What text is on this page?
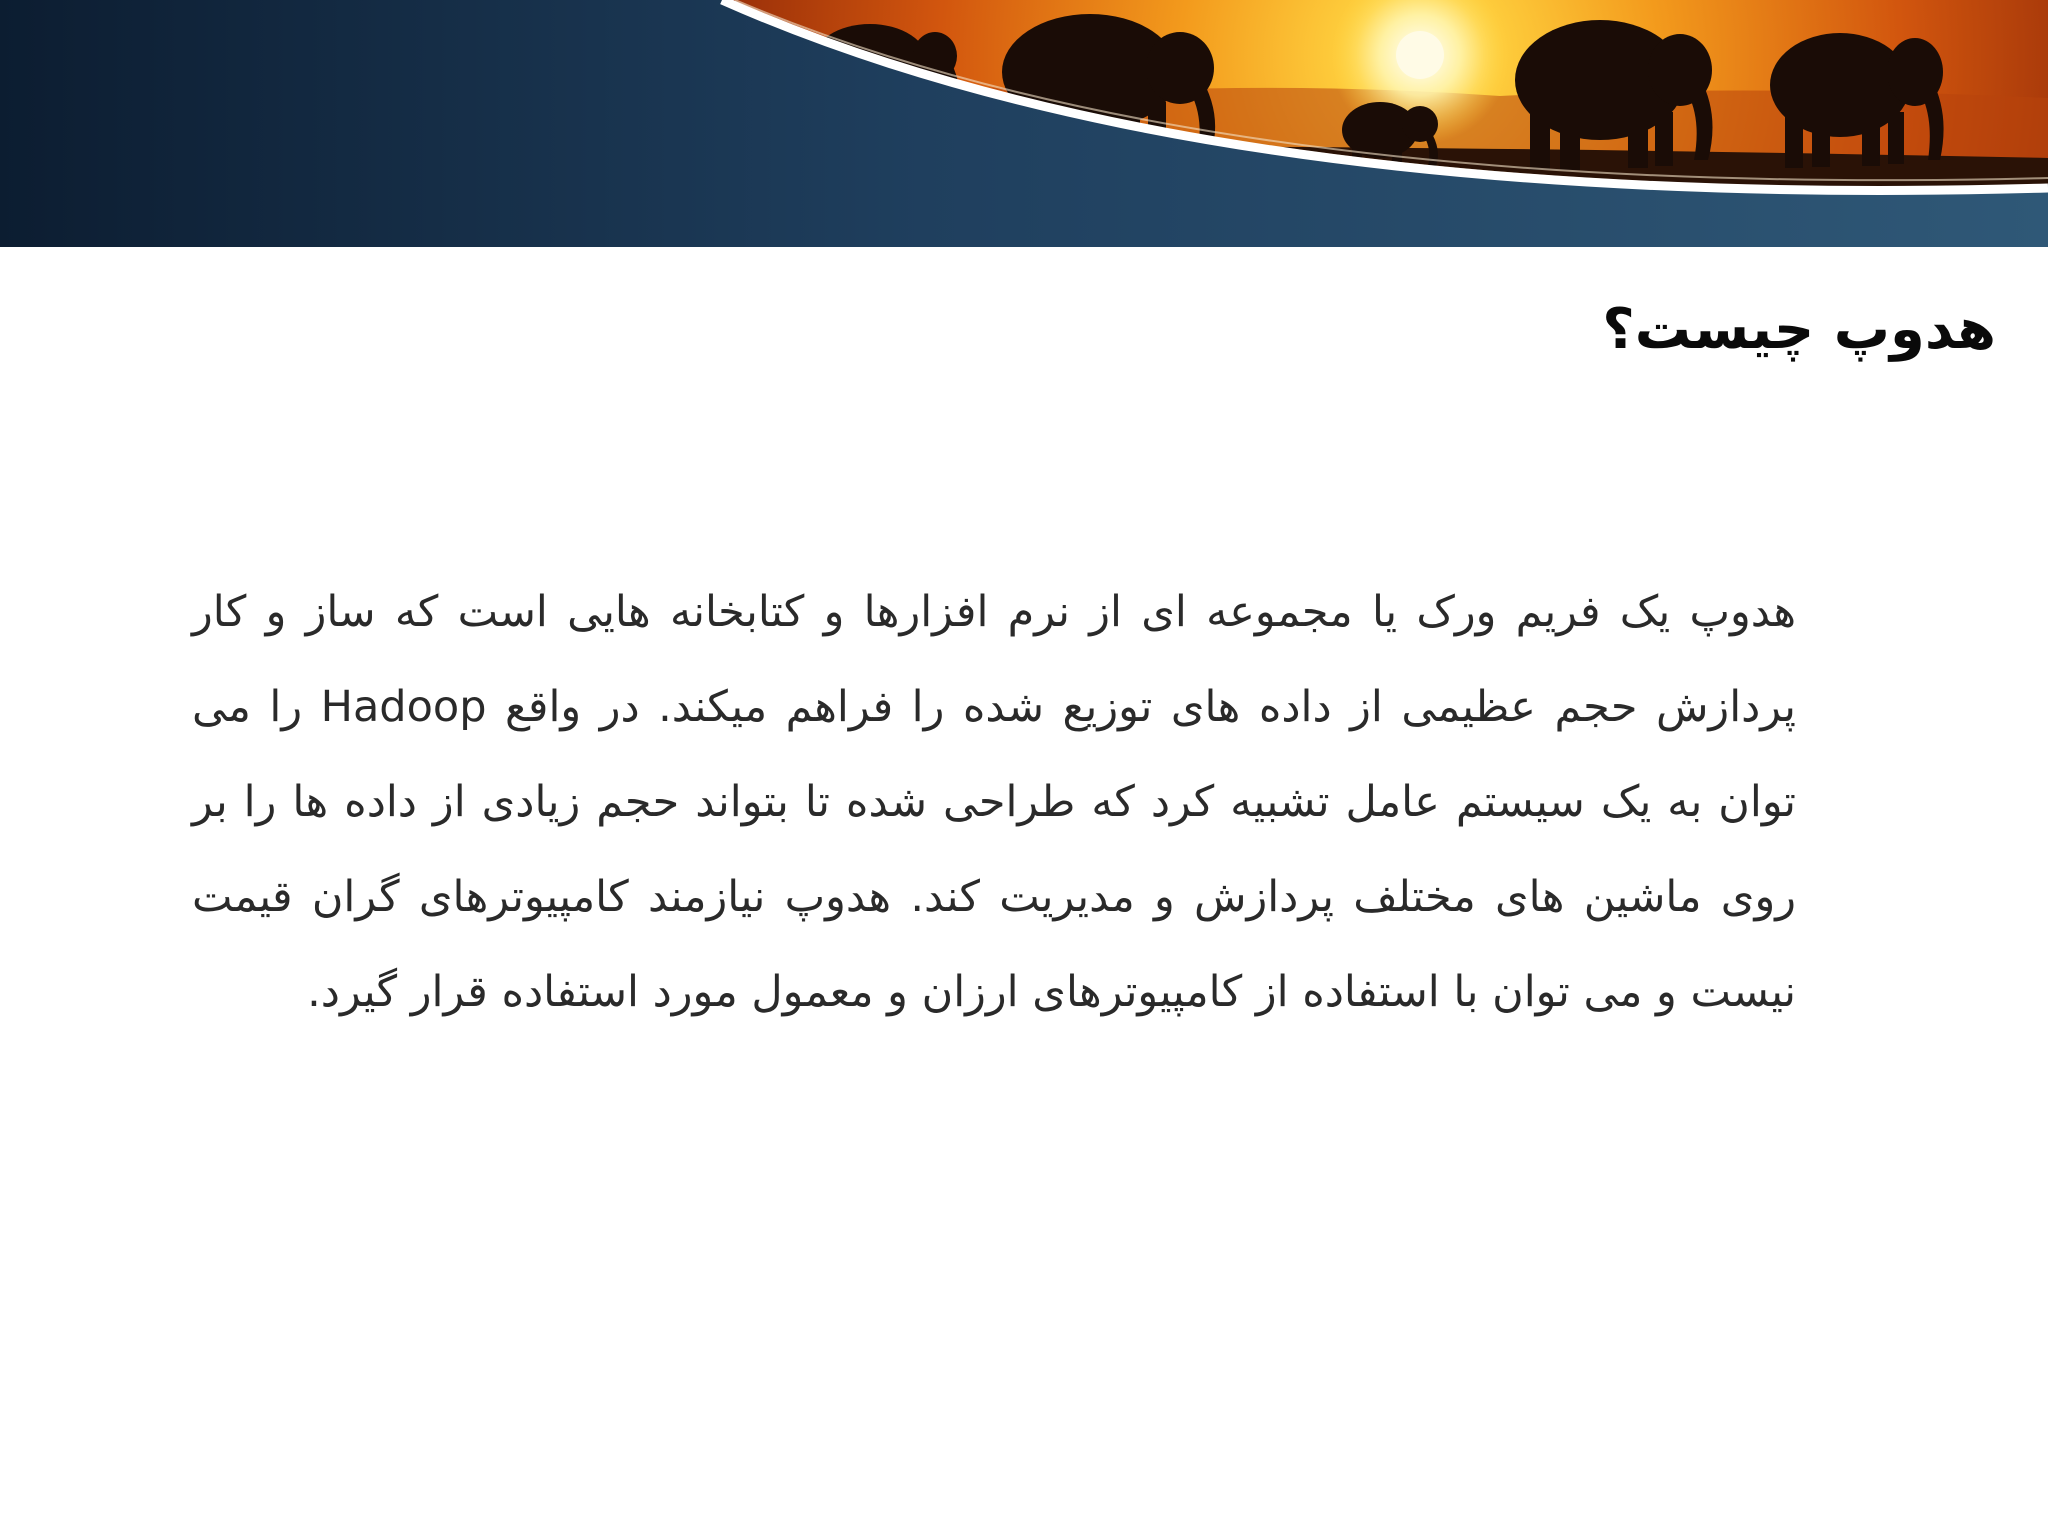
هدوپ چیست؟

هدوپ یک فریم ورک یا مجموعه ای از نرم افزارها و کتابخانه هایی است که ساز و کار پردازش حجم عظیمی از داده های توزیع شده را فراهم میکند. در واقع Hadoop را می توان به یک سیستم عامل تشبیه کرد که طراحی شده تا بتواند حجم زیادی از داده ها را بر روی ماشین های مختلف پردازش و مدیریت کند. هدوپ نیازمند کامپیوترهای گران قیمت نیست و می توان با استفاده از کامپیوترهای ارزان و معمول مورد استفاده قرار گیرد.
